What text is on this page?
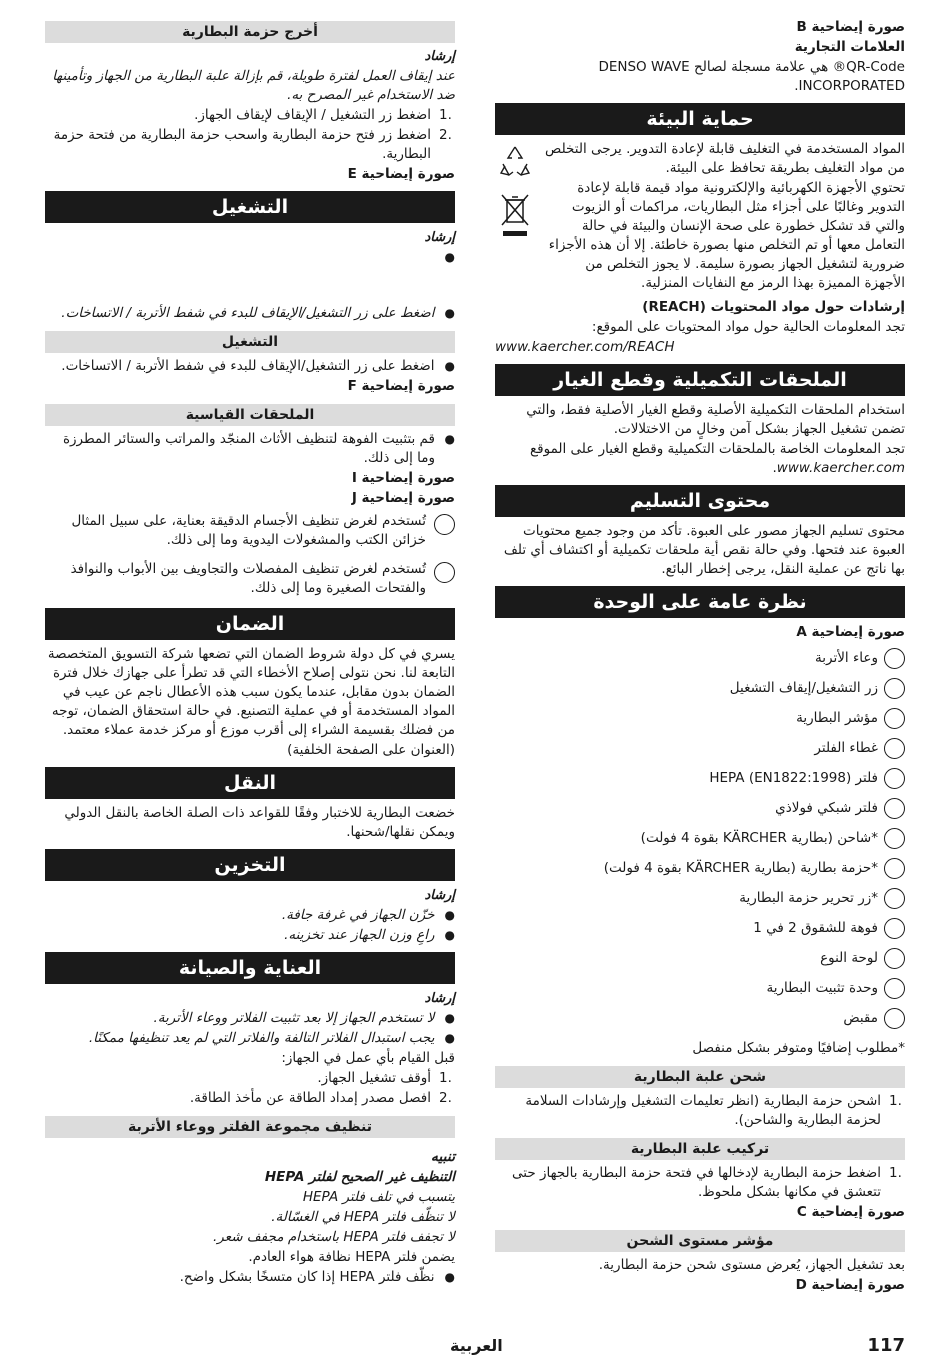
صورة إيضاحية B
العلامات التجارية
QR-Code® هي علامة مسجلة لصالح DENSO WAVE INCORPORATED.
حماية البيئة
المواد المستخدمة في التغليف قابلة لإعادة التدوير. يرجى التخلص من مواد التغليف بطريقة تحافظ على البيئة.
تحتوي الأجهزة الكهربائية والإلكترونية مواد قيمة قابلة لإعادة التدوير وغالبًا على أجزاء مثل البطاريات، مراكمات أو الزيوت والتي قد تشكل خطورة على صحة الإنسان والبيئة في حالة التعامل معها أو تم التخلص منها بصورة خاطئة. إلا أن هذه الأجزاء ضرورية لتشغيل الجهاز بصورة سليمة. لا يجوز التخلص من الأجهزة المميزة بهذا الرمز مع النفايات المنزلية.
إرشادات حول مواد المحتويات (REACH)
تجد المعلومات الحالية حول مواد المحتويات على الموقع:
www.kaercher.com/REACH
الملحقات التكميلية وقطع الغيار
استخدام الملحقات التكميلية الأصلية وقطع الغيار الأصلية فقط، والتي تضمن تشغيل الجهاز بشكل آمن وخالٍ من الاختلالات.
تجد المعلومات الخاصة بالملحقات التكميلية وقطع الغيار على الموقع www.kaercher.com.
محتوى التسليم
محتوى تسليم الجهاز مصور على العبوة. تأكد من وجود جميع محتويات العبوة عند فتحها. وفي حالة نقص أية ملحقات تكميلية أو اكتشاف أي تلف بها ناتج عن عملية النقل، يرجى إخطار البائع.
نظرة عامة على الوحدة
صورة إيضاحية A
وعاء الأتربة
زر التشغيل/إيقاف التشغيل
مؤشر البطارية
غطاء الفلتر
فلتر HEPA (EN1822:1998)
فلتر شبكي فولاذي
*شاحن (بطارية KÄRCHER بقوة 4 فولت)
*حزمة بطارية (بطارية KÄRCHER بقوة 4 فولت)
*زر تحرير حزمة البطارية
فوهة للشقوق 2 في 1
لوحة النوع
وحدة تثبيت البطارية
مقبض
*مطلوب إضافيًا ومتوفر بشكل منفصل
شحن علبة البطارية
.1
اشحن حزمة البطارية (انظر تعليمات التشغيل وإرشادات السلامة لحزمة البطارية والشاحن).
تركيب علبة البطارية
.1
اضغط حزمة البطارية لإدخالها في فتحة حزمة البطارية بالجهاز حتى تتعشق في مكانها بشكل ملحوظ.
صورة إيضاحية C
مؤشر مستوى الشحن
بعد تشغيل الجهاز، يُعرض مستوى شحن حزمة البطارية.
صورة إيضاحية D
أخرج حزمة البطارية
إرشاد
عند إيقاف العمل لفترة طويلة، قم بإزالة علبة البطارية من الجهاز وتأمينها ضد الاستخدام غير المصرح به.
.1
اضغط زر التشغيل / الإيقاف لإيقاف الجهاز.
.2
اضغط زر فتح حزمة البطارية واسحب حزمة البطارية من فتحة حزمة البطارية.
صورة إيضاحية E
التشغيل
إرشاد
●
●
اضغط على زر التشغيل/الإيقاف للبدء في شفط الأتربة / الاتساخات.
التشغيل
●
اضغط على زر التشغيل/الإيقاف للبدء في شفط الأتربة / الاتساخات.
صورة إيضاحية F
الملحقات القياسية
●
قم بتثبيت الفوهة لتنظيف الأثاث المنجّد والمراتب والستائر المطرزة وما إلى ذلك.
صورة إيضاحية I
صورة إيضاحية J
تُستخدم لغرض تنظيف الأجسام الدقيقة بعناية، على سبيل المثال خزائن الكتب والمشغولات اليدوية وما إلى ذلك.
تُستخدم لغرض تنظيف المفصلات والتجاويف بين الأبواب والنوافذ والفتحات الصغيرة وما إلى ذلك.
الضمان
يسري في كل دولة شروط الضمان التي تضعها شركة التسويق المتخصصة التابعة لنا. نحن نتولى إصلاح الأخطاء التي قد تطرأ على جهازك خلال فترة الضمان بدون مقابل، عندما يكون سبب هذه الأعطال ناجم عن عيب في المواد المستخدمة أو في عملية التصنيع. في حالة استحقاق الضمان، توجه من فضلك بقسيمة الشراء إلى أقرب موزع أو مركز خدمة عملاء معتمد.
(العنوان على الصفحة الخلفية)
النقل
خضعت البطارية للاختبار وفقًا للقواعد ذات الصلة الخاصة بالنقل الدولي ويمكن نقلها/شحنها.
التخزين
إرشاد
●
خزّن الجهاز في غرفة جافة.
●
راعِ وزن الجهاز عند تخزينه.
العناية والصيانة
إرشاد
●
لا تستخدم الجهاز إلا بعد تثبيت الفلاتر ووعاء الأتربة.
●
يجب استبدال الفلاتر التالفة والفلاتر التي لم يعد تنظيفها ممكنًا.
قبل القيام بأي عمل في الجهاز:
.1
أوقف تشغيل الجهاز.
.2
افصل مصدر إمداد الطاقة عن مأخذ الطاقة.
تنظيف مجموعة الفلتر ووعاء الأتربة
تنبيه
التنظيف غير الصحيح لفلتر HEPA
يتسبب في تلف فلتر HEPA
لا تنظّف فلتر HEPA في الغسّالة.
لا تجفف فلتر HEPA باستخدام مجفف شعر.
يضمن فلتر HEPA نظافة هواء العادم.
●
نظّف فلتر HEPA إذا كان متسخًا بشكل واضح.
117
العربية
